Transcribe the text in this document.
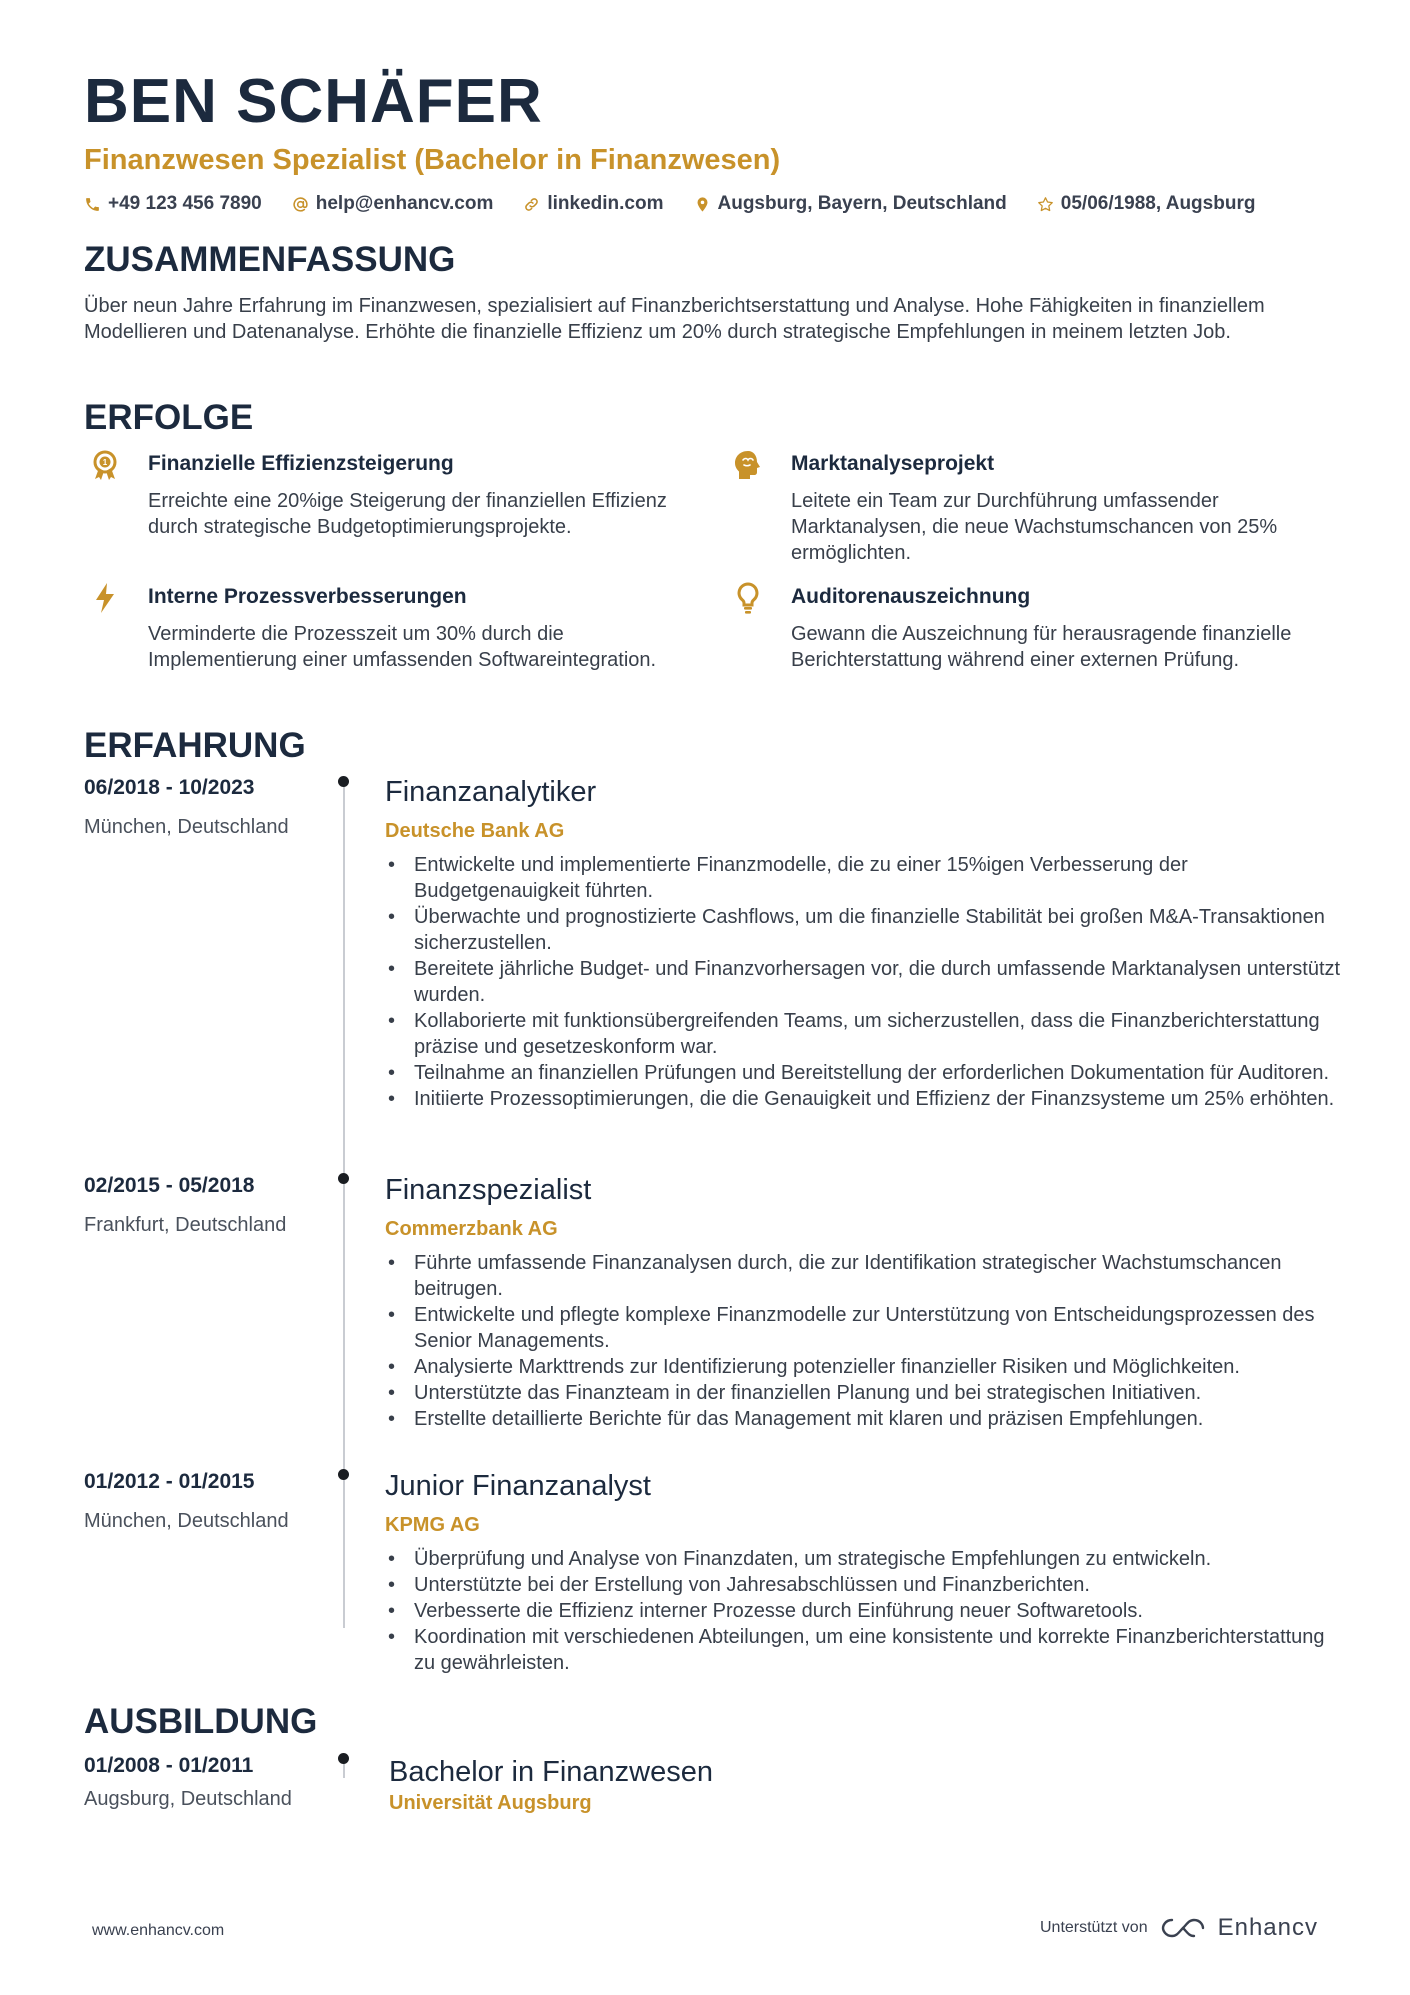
BEN SCHÄFER
Finanzwesen Spezialist (Bachelor in Finanzwesen)
+49 123 456 7890	help@enhancv.com	linkedin.com	Augsburg, Bayern, Deutschland	05/06/1988, Augsburg
ZUSAMMENFASSUNG
Über neun Jahre Erfahrung im Finanzwesen, spezialisiert auf Finanzberichtserstattung und Analyse. Hohe Fähigkeiten in finanziellem Modellieren und Datenanalyse. Erhöhte die finanzielle Effizienz um 20% durch strategische Empfehlungen in meinem letzten Job.
ERFOLGE
1 Finanzielle Effizienzsteigerung
Erreichte eine 20%ige Steigerung der finanziellen Effizienz durch strategische Budgetoptimierungsprojekte.
Marktanalyseprojekt
Leitete ein Team zur Durchführung umfassender Marktanalysen, die neue Wachstumschancen von 25% ermöglichten.
Interne Prozessverbesserungen
Verminderte die Prozesszeit um 30% durch die Implementierung einer umfassenden Softwareintegration.
Auditorenauszeichnung
Gewann die Auszeichnung für herausragende finanzielle Berichterstattung während einer externen Prüfung.
ERFAHRUNG
06/2018 - 10/2023
München, Deutschland
Finanzanalytiker
Deutsche Bank AG
• Entwickelte und implementierte Finanzmodelle, die zu einer 15%igen Verbesserung der Budgetgenauigkeit führten.
• Überwachte und prognostizierte Cashflows, um die finanzielle Stabilität bei großen M&A-Transaktionen sicherzustellen.
• Bereitete jährliche Budget- und Finanzvorhersagen vor, die durch umfassende Marktanalysen unterstützt wurden.
• Kollaborierte mit funktionsübergreifenden Teams, um sicherzustellen, dass die Finanzberichterstattung präzise und gesetzeskonform war.
• Teilnahme an finanziellen Prüfungen und Bereitstellung der erforderlichen Dokumentation für Auditoren.
• Initiierte Prozessoptimierungen, die die Genauigkeit und Effizienz der Finanzsysteme um 25% erhöhten.
02/2015 - 05/2018
Frankfurt, Deutschland
Finanzspezialist
Commerzbank AG
• Führte umfassende Finanzanalysen durch, die zur Identifikation strategischer Wachstumschancen beitrugen.
• Entwickelte und pflegte komplexe Finanzmodelle zur Unterstützung von Entscheidungsprozessen des Senior Managements.
• Analysierte Markttrends zur Identifizierung potenzieller finanzieller Risiken und Möglichkeiten.
• Unterstützte das Finanzteam in der finanziellen Planung und bei strategischen Initiativen.
• Erstellte detaillierte Berichte für das Management mit klaren und präzisen Empfehlungen.
01/2012 - 01/2015
München, Deutschland
Junior Finanzanalyst
KPMG AG
• Überprüfung und Analyse von Finanzdaten, um strategische Empfehlungen zu entwickeln.
• Unterstützte bei der Erstellung von Jahresabschlüssen und Finanzberichten.
• Verbesserte die Effizienz interner Prozesse durch Einführung neuer Softwaretools.
• Koordination mit verschiedenen Abteilungen, um eine konsistente und korrekte Finanzberichterstattung zu gewährleisten.
AUSBILDUNG
01/2008 - 01/2011
Augsburg, Deutschland
Bachelor in Finanzwesen
Universität Augsburg
www.enhancv.com	Unterstützt von	Enhancv
